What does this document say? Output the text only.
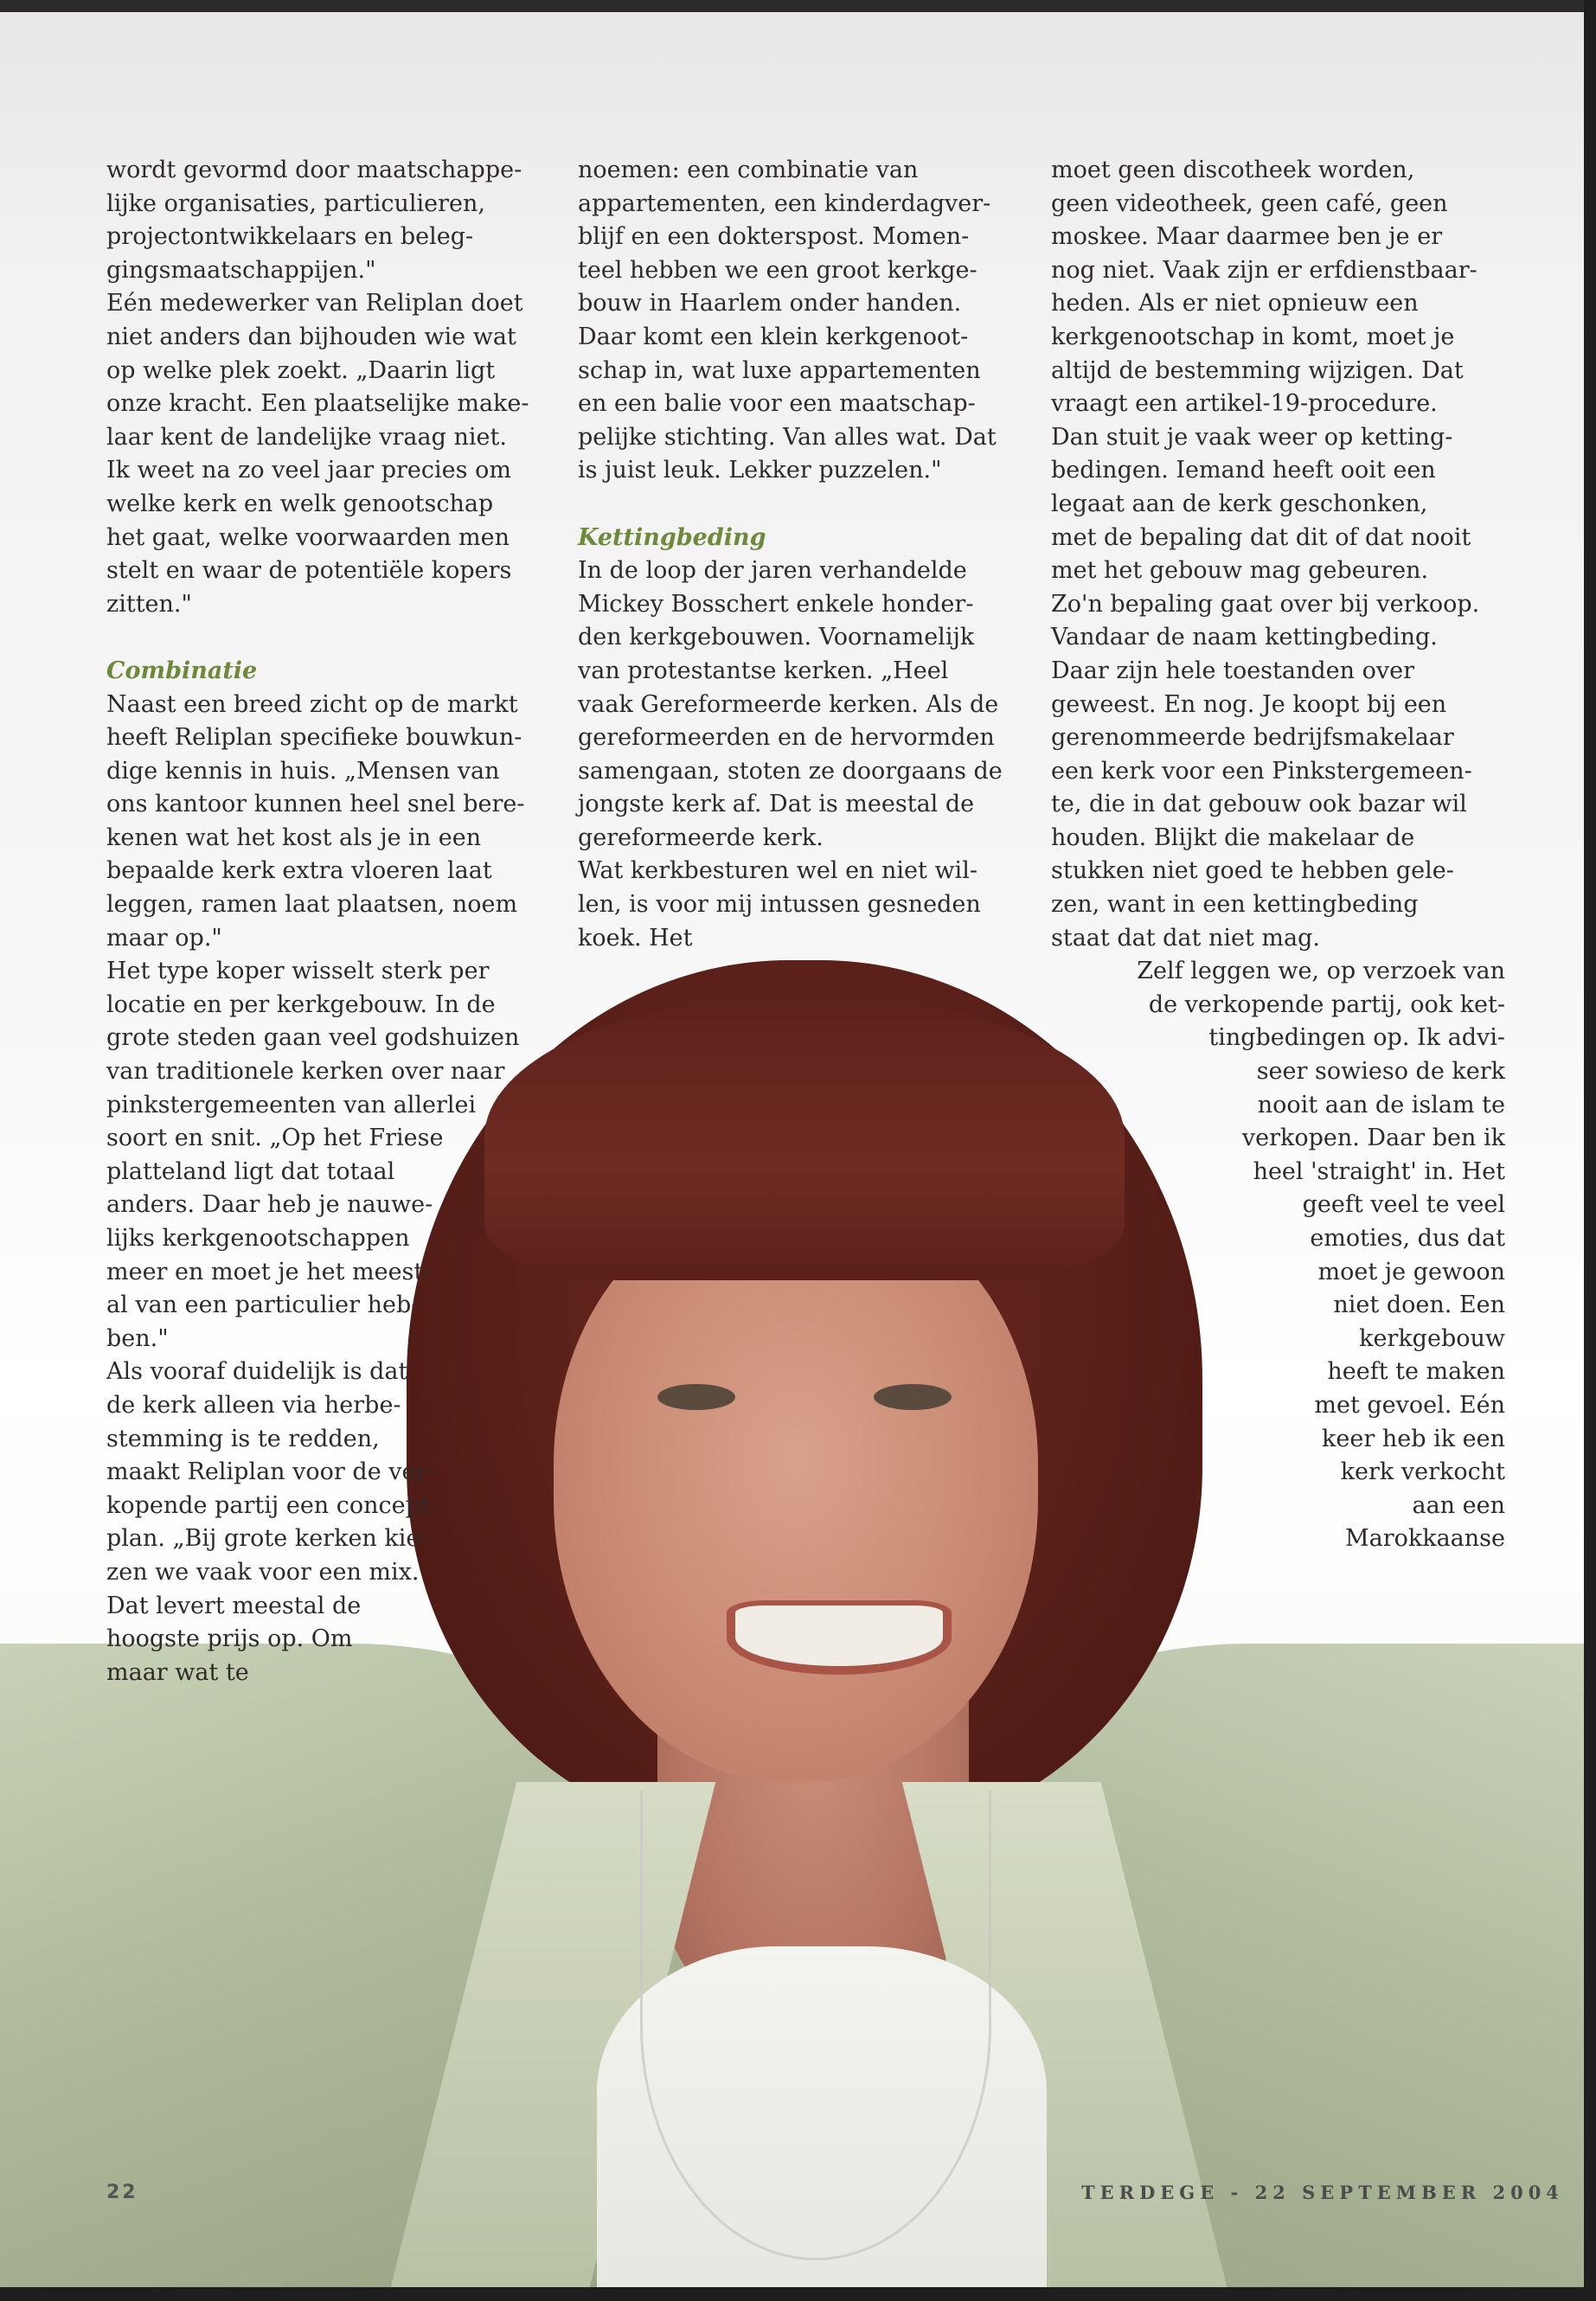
wordt gevormd door maatschappe-

lijke organisaties, particulieren,

projectontwikkelaars en beleg-

gingsmaatschappijen."

Eén medewerker van Reliplan doet

niet anders dan bijhouden wie wat

op welke plek zoekt. „Daarin ligt

onze kracht. Een plaatselijke make-

laar kent de landelijke vraag niet.

Ik weet na zo veel jaar precies om

welke kerk en welk genootschap

het gaat, welke voorwaarden men

stelt en waar de potentiële kopers

zitten."

Combinatie

Naast een breed zicht op de markt

heeft Reliplan specifieke bouwkun-

dige kennis in huis. „Mensen van

ons kantoor kunnen heel snel bere-

kenen wat het kost als je in een

bepaalde kerk extra vloeren laat

leggen, ramen laat plaatsen, noem

maar op."

Het type koper wisselt sterk per

locatie en per kerkgebouw. In de

grote steden gaan veel godshuizen

van traditionele kerken over naar

pinkstergemeenten van allerlei

soort en snit. „Op het Friese

platteland ligt dat totaal

anders. Daar heb je nauwe-

lijks kerkgenootschappen

meer en moet je het meest-

al van een particulier heb-

ben."

Als vooraf duidelijk is dat

de kerk alleen via herbe-

stemming is te redden,

maakt Reliplan voor de ver-

kopende partij een concept-

plan. „Bij grote kerken kie-

zen we vaak voor een mix.

Dat levert meestal de

hoogste prijs op. Om

maar wat te

noemen: een combinatie van

appartementen, een kinderdagver-

blijf en een dokterspost. Momen-

teel hebben we een groot kerkge-

bouw in Haarlem onder handen.

Daar komt een klein kerkgenoot-

schap in, wat luxe appartementen

en een balie voor een maatschap-

pelijke stichting. Van alles wat. Dat

is juist leuk. Lekker puzzelen."

Kettingbeding

In de loop der jaren verhandelde

Mickey Bosschert enkele honder-

den kerkgebouwen. Voornamelijk

van protestantse kerken. „Heel

vaak Gereformeerde kerken. Als de

gereformeerden en de hervormden

samengaan, stoten ze doorgaans de

jongste kerk af. Dat is meestal de

gereformeerde kerk.

Wat kerkbesturen wel en niet wil-

len, is voor mij intussen gesneden

koek. Het

moet geen discotheek worden,

geen videotheek, geen café, geen

moskee. Maar daarmee ben je er

nog niet. Vaak zijn er erfdienstbaar-

heden. Als er niet opnieuw een

kerkgenootschap in komt, moet je

altijd de bestemming wijzigen. Dat

vraagt een artikel-19-procedure.

Dan stuit je vaak weer op ketting-

bedingen. Iemand heeft ooit een

legaat aan de kerk geschonken,

met de bepaling dat dit of dat nooit

met het gebouw mag gebeuren.

Zo'n bepaling gaat over bij verkoop.

Vandaar de naam kettingbeding.

Daar zijn hele toestanden over

geweest. En nog. Je koopt bij een

gerenommeerde bedrijfsmakelaar

een kerk voor een Pinkstergemeen-

te, die in dat gebouw ook bazar wil

houden. Blijkt die makelaar de

stukken niet goed te hebben gele-

zen, want in een kettingbeding

staat dat dat niet mag.

Zelf leggen we, op verzoek van

de verkopende partij, ook ket-

tingbedingen op. Ik advi-

seer sowieso de kerk

nooit aan de islam te

verkopen. Daar ben ik

heel 'straight' in. Het

geeft veel te veel

emoties, dus dat

moet je gewoon

niet doen. Een

kerkgebouw

heeft te maken

met gevoel. Eén

keer heb ik een

kerk verkocht

aan een

Marokkaanse

22	TERDEGE - 22 SEPTEMBER 2004
